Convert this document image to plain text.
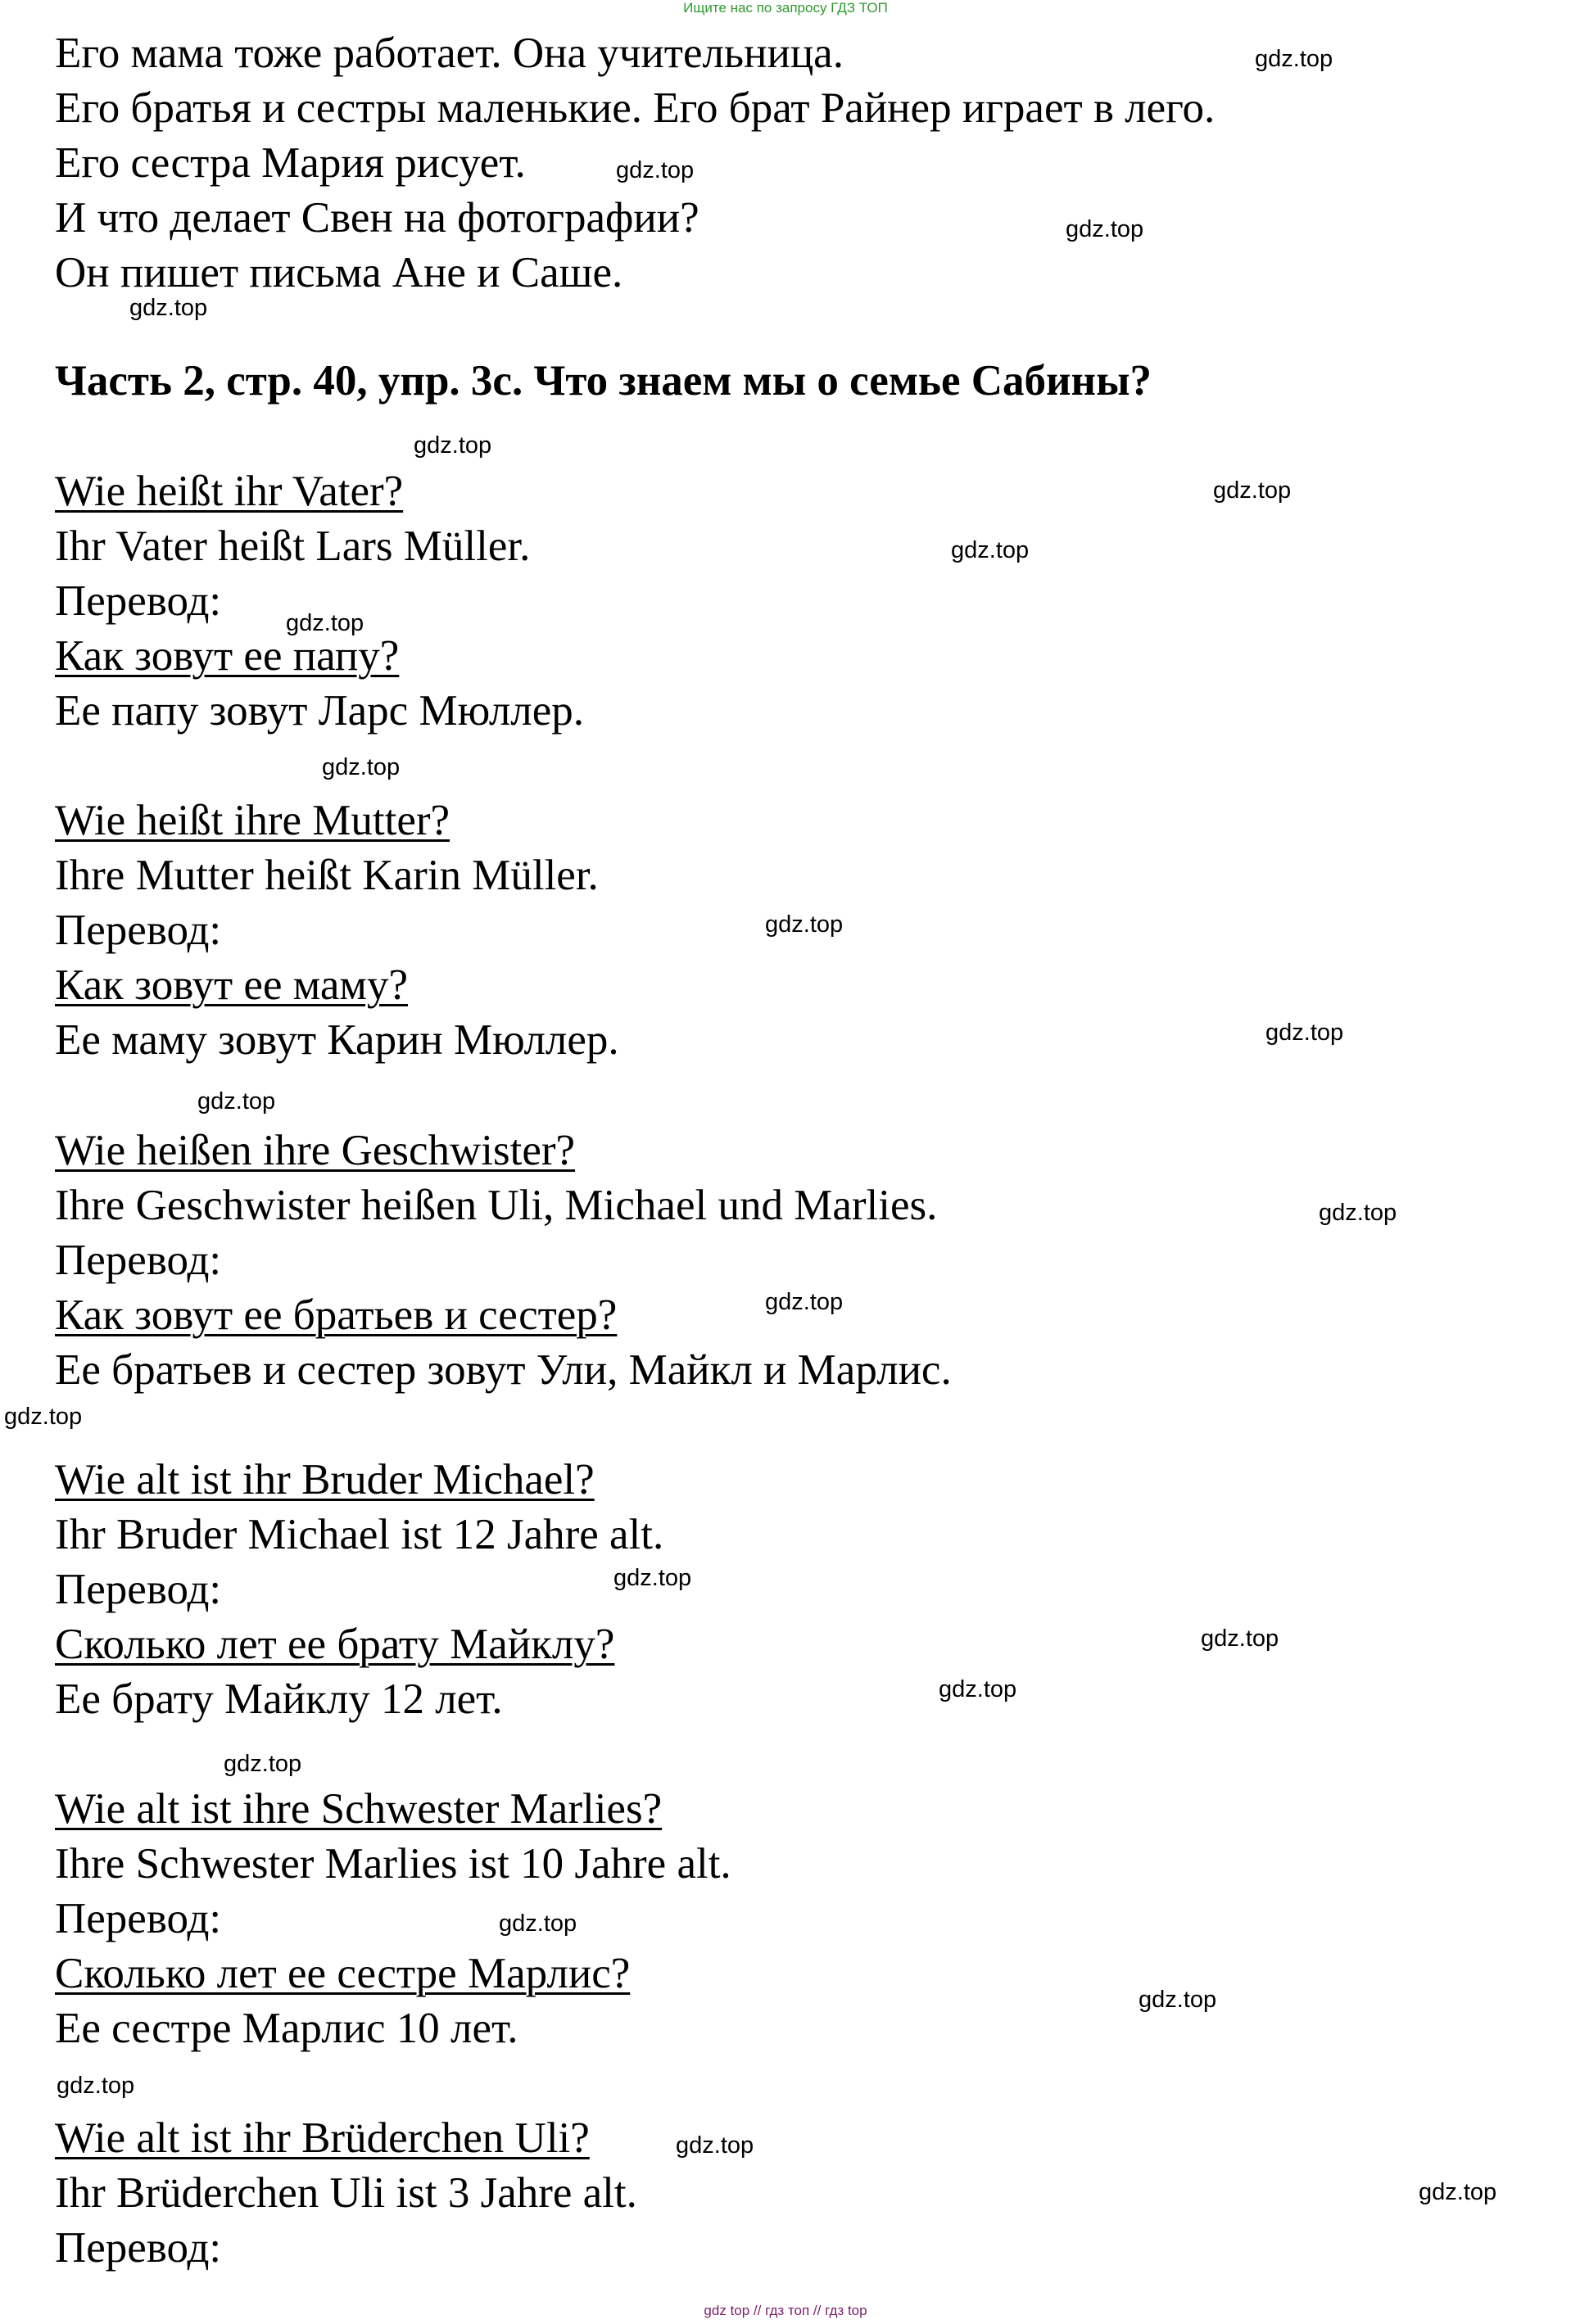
Ищите нас по запросу ГДЗ ТОП
Его мама тоже работает. Она учительница.
Его братья и сестры маленькие. Его брат Райнер играет в лего.
Его сестра Мария рисует.
И что делает Свен на фотографии?
Он пишет письма Ане и Саше.
Часть 2, стр. 40, упр. 3с. Что знаем мы о семье Сабины?
Wie heißt ihr Vater?
Ihr Vater heißt Lars Müller.
Перевод:
Как зовут ее папу?
Ее папу зовут Ларс Мюллер.
Wie heißt ihre Mutter?
Ihre Mutter heißt Karin Müller.
Перевод:
Как зовут ее маму?
Ее маму зовут Карин Мюллер.
Wie heißen ihre Geschwister?
Ihre Geschwister heißen Uli, Michael und Marlies.
Перевод:
Как зовут ее братьев и сестер?
Ее братьев и сестер зовут Ули, Майкл и Марлис.
Wie alt ist ihr Bruder Michael?
Ihr Bruder Michael ist 12 Jahre alt.
Перевод:
Сколько лет ее брату Майклу?
Ее брату Майклу 12 лет.
Wie alt ist ihre Schwester Marlies?
Ihre Schwester Marlies ist 10 Jahre alt.
Перевод:
Сколько лет ее сестре Марлис?
Ее сестре Марлис 10 лет.
Wie alt ist ihr Brüderchen Uli?
Ihr Brüderchen Uli ist 3 Jahre alt.
Перевод:
gdz.top
gdz.top
gdz.top
gdz.top
gdz.top
gdz.top
gdz.top
gdz.top
gdz.top
gdz.top
gdz.top
gdz.top
gdz.top
gdz.top
gdz.top
gdz.top
gdz.top
gdz.top
gdz.top
gdz.top
gdz.top
gdz.top
gdz.top
gdz.top
gdz top // гдз топ // гдз top
